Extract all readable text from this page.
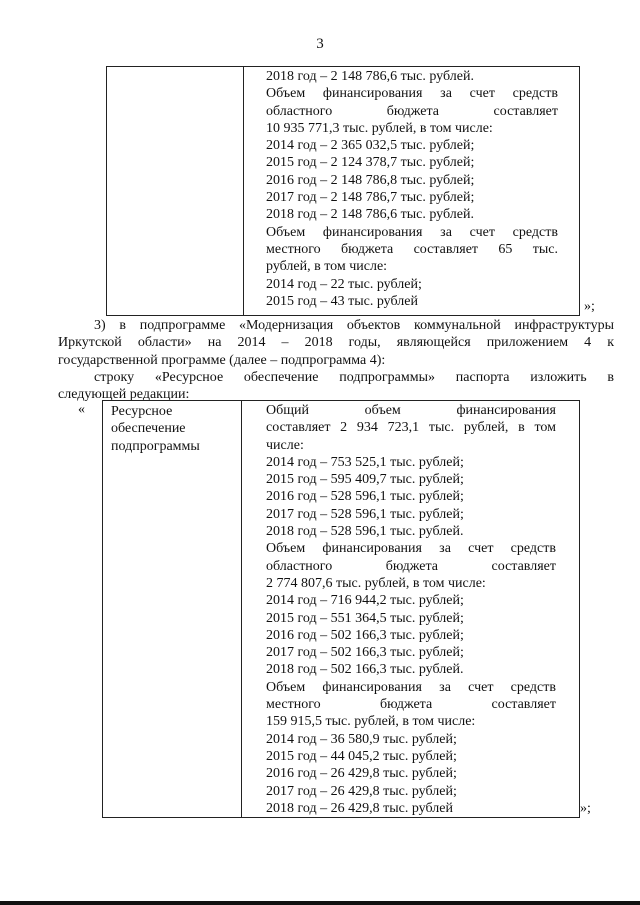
3
2018 год – 2 148 786,6 тыс. рублей.
Объем финансирования за счет средств
областного бюджета составляет
10 935 771,3 тыс. рублей, в том числе:
2014 год – 2 365 032,5 тыс. рублей;
2015 год – 2 124 378,7 тыс. рублей;
2016 год – 2 148 786,8 тыс. рублей;
2017 год – 2 148 786,7 тыс. рублей;
2018 год – 2 148 786,6 тыс. рублей.
Объем финансирования за счет средств
местного бюджета составляет 65 тыс.
рублей, в том числе:
2014 год – 22 тыс. рублей;
2015 год – 43 тыс. рублей	»;
3) в подпрограмме «Модернизация объектов коммунальной инфраструктуры
Иркутской области» на 2014 – 2018 годы, являющейся приложением 4 к
государственной программе (далее – подпрограмма 4):
строку «Ресурсное обеспечение подпрограммы» паспорта изложить в
следующей редакции:
« Ресурсное
обеспечение
подпрограммы
Общий объем финансирования
составляет 2 934 723,1 тыс. рублей, в том
числе:
2014 год – 753 525,1 тыс. рублей;
2015 год – 595 409,7 тыс. рублей;
2016 год – 528 596,1 тыс. рублей;
2017 год – 528 596,1 тыс. рублей;
2018 год – 528 596,1 тыс. рублей.
Объем финансирования за счет средств
областного бюджета составляет
2 774 807,6 тыс. рублей, в том числе:
2014 год – 716 944,2 тыс. рублей;
2015 год – 551 364,5 тыс. рублей;
2016 год – 502 166,3 тыс. рублей;
2017 год – 502 166,3 тыс. рублей;
2018 год – 502 166,3 тыс. рублей.
Объем финансирования за счет средств
местного бюджета составляет
159 915,5 тыс. рублей, в том числе:
2014 год – 36 580,9 тыс. рублей;
2015 год – 44 045,2 тыс. рублей;
2016 год – 26 429,8 тыс. рублей;
2017 год – 26 429,8 тыс. рублей;
2018 год – 26 429,8 тыс. рублей	»;
